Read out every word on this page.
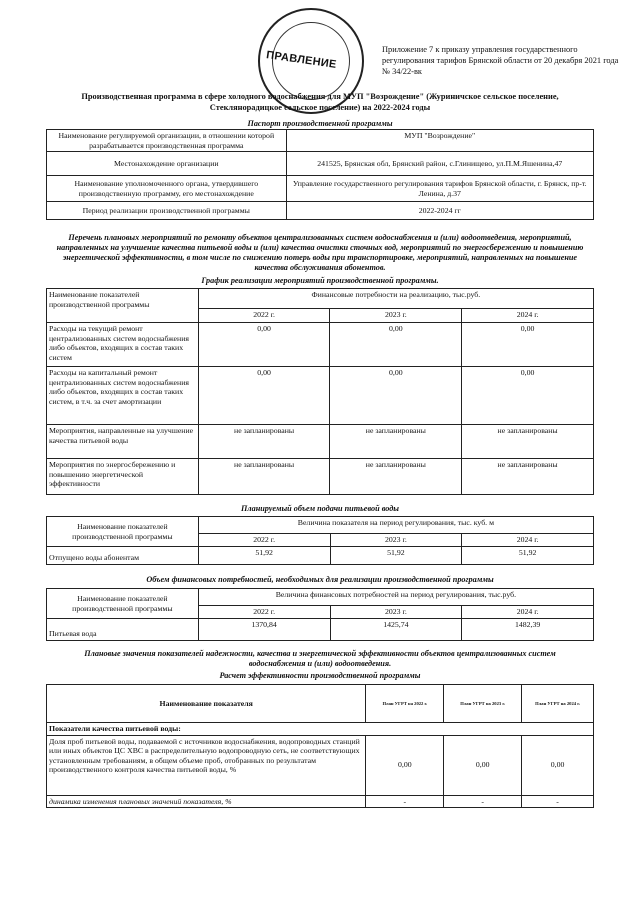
Приложение 7 к приказу управления государственного регулирования тарифов Брянской области от 20 декабря 2021 года № 34/22-вк
ПРАВЛЕНИЕ
Производственная программа в сфере холодного водоснабжения для МУП "Возрождение" (Журиничское сельское поселение, Стеклянорадицкое сельское поселение) на 2022-2024 годы
Паспорт производственной программы
Наименование регулируемой организации, в отношении которой разрабатывается производственная программа	МУП "Возрождение"
Местонахождение организации	241525, Брянская обл, Брянский район, с.Глинищево, ул.П.М.Яшенина,47
Наименование уполномоченного органа, утвердившего производственную программу, его местонахождение	Управление государственного регулирования тарифов Брянской области, г. Брянск, пр-т. Ленина, д.37
Период реализации производственной программы	2022-2024 гг
Перечень плановых мероприятий по ремонту объектов централизованных систем водоснабжения и (или) водоотведения, мероприятий, направленных на улучшение качества питьевой воды и (или) качества очистки сточных вод, мероприятий по энергосбережению и повышению энергетической эффективности, в том числе по снижению потерь воды при транспортировке, мероприятий, направленных на повышение качества обслуживания абонентов.
График реализации мероприятий производственной программы.
Наименование показателей производственной программы	Финансовые потребности на реализацию, тыс.руб.		
	2022 г.	2023 г.	2024 г.
Расходы на текущий ремонт централизованных систем водоснабжения либо объектов, входящих в состав таких систем	0,00	0,00	0,00
Расходы на капитальный ремонт централизованных систем водоснабжения либо объектов, входящих в состав таких систем, в т.ч. за счет амортизации	0,00	0,00	0,00
Мероприятия, направленные на улучшение качества питьевой воды	не запланированы	не запланированы	не запланированы
Мероприятия по энергосбережению и повышению энергетической эффективности	не запланированы	не запланированы	не запланированы
Планируемый объем подачи питьевой воды
Наименование показателей производственной программы	Величина показателя на период регулирования, тыс. куб. м		
	2022 г.	2023 г.	2024 г.
Отпущено воды абонентам	51,92	51,92	51,92
Объем финансовых потребностей, необходимых для реализации производственной программы
Наименование показателей производственной программы	Величина финансовых потребностей на период регулирования, тыс.руб.		
	2022 г.	2023 г.	2024 г.
Питьевая вода	1370,84	1425,74	1482,39
Плановые значения показателей надежности, качества и энергетической эффективности объектов централизованных систем водоснабжения и (или) водоотведения.
Расчет эффективности производственной программы
Наименование показателя	План УГРТ на 2022 г.	План УГРТ на 2023 г.	План УГРТ на 2024 г.
Показатели качества питьевой воды:			
Доля проб питьевой воды, подаваемой с источников водоснабжения, водопроводных станций или иных объектов ЦС ХВС в распределительную водопроводную сеть, не соответствующих установленным требованиям, в общем объеме проб, отобранных по результатам производственного контроля качества питьевой воды, %	0,00	0,00	0,00
динамика изменения плановых значений показателя, %	-	-	-
